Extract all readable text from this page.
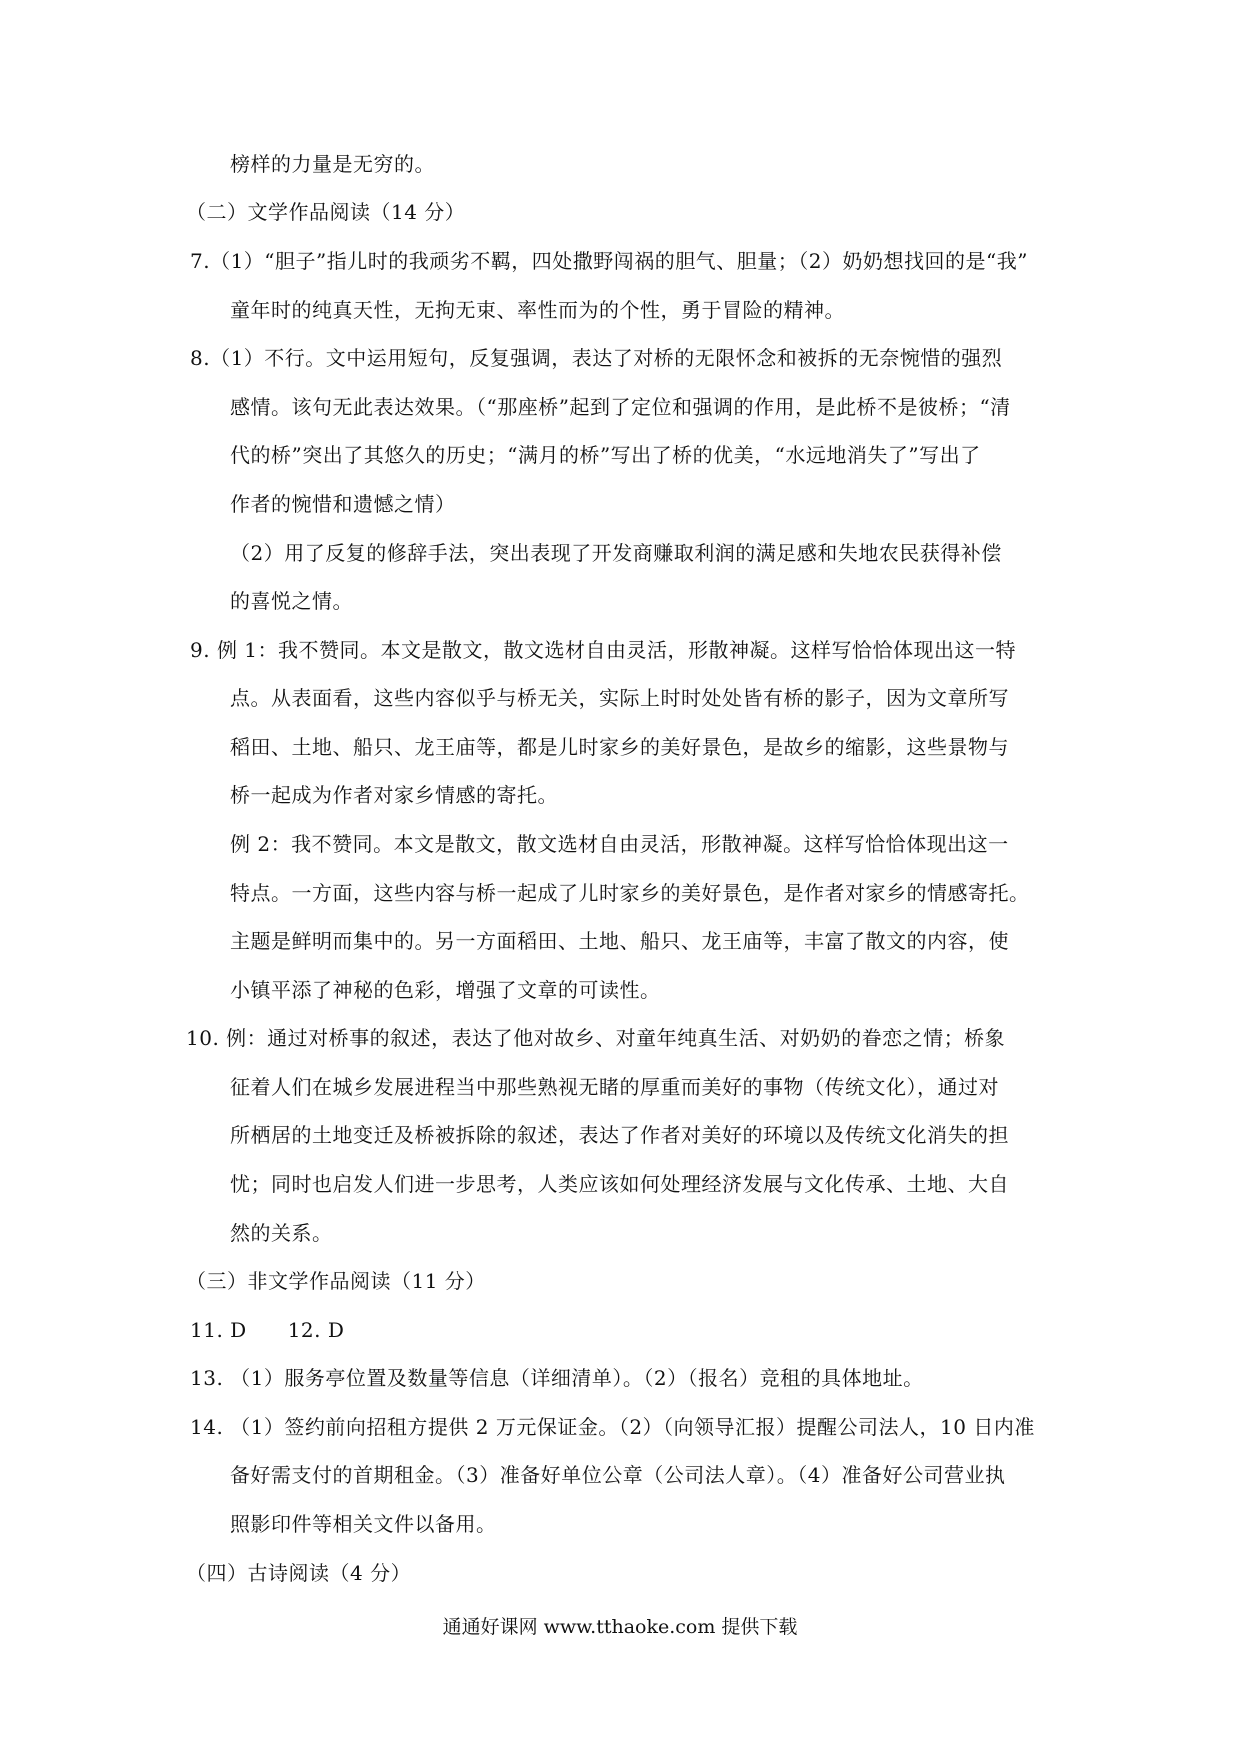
榜样的力量是无穷的。
（二）文学作品阅读（14 分）
7.（1）“胆子”指儿时的我顽劣不羁，四处撒野闯祸的胆气、胆量；（2）奶奶想找回的是“我”
童年时的纯真天性，无拘无束、率性而为的个性，勇于冒险的精神。
8.（1）不行。文中运用短句，反复强调，表达了对桥的无限怀念和被拆的无奈惋惜的强烈
感情。该句无此表达效果。（“那座桥”起到了定位和强调的作用，是此桥不是彼桥；“清
代的桥”突出了其悠久的历史；“满月的桥”写出了桥的优美，“水远地消失了”写出了
作者的惋惜和遗憾之情）
（2）用了反复的修辞手法，突出表现了开发商赚取利润的满足感和失地农民获得补偿
的喜悦之情。
9. 例 1：我不赞同。本文是散文，散文选材自由灵活，形散神凝。这样写恰恰体现出这一特
点。从表面看，这些内容似乎与桥无关，实际上时时处处皆有桥的影子，因为文章所写
稻田、土地、船只、龙王庙等，都是儿时家乡的美好景色，是故乡的缩影，这些景物与
桥一起成为作者对家乡情感的寄托。
例 2：我不赞同。本文是散文，散文选材自由灵活，形散神凝。这样写恰恰体现出这一
特点。一方面，这些内容与桥一起成了儿时家乡的美好景色，是作者对家乡的情感寄托。
主题是鲜明而集中的。另一方面稻田、土地、船只、龙王庙等，丰富了散文的内容，使
小镇平添了神秘的色彩，增强了文章的可读性。
10. 例：通过对桥事的叙述，表达了他对故乡、对童年纯真生活、对奶奶的眷恋之情；桥象
征着人们在城乡发展进程当中那些熟视无睹的厚重而美好的事物（传统文化），通过对
所栖居的土地变迁及桥被拆除的叙述，表达了作者对美好的环境以及传统文化消失的担
忧；同时也启发人们进一步思考，人类应该如何处理经济发展与文化传承、土地、大自
然的关系。
（三）非文学作品阅读（11 分）
11. D　　12. D
13. （1）服务亭位置及数量等信息（详细清单）。（2）（报名）竞租的具体地址。
14. （1）签约前向招租方提供 2 万元保证金。（2）（向领导汇报）提醒公司法人，10 日内准
备好需支付的首期租金。（3）准备好单位公章（公司法人章）。（4）准备好公司营业执
照影印件等相关文件以备用。
（四）古诗阅读（4 分）
通通好课网 www.tthaoke.com 提供下载
